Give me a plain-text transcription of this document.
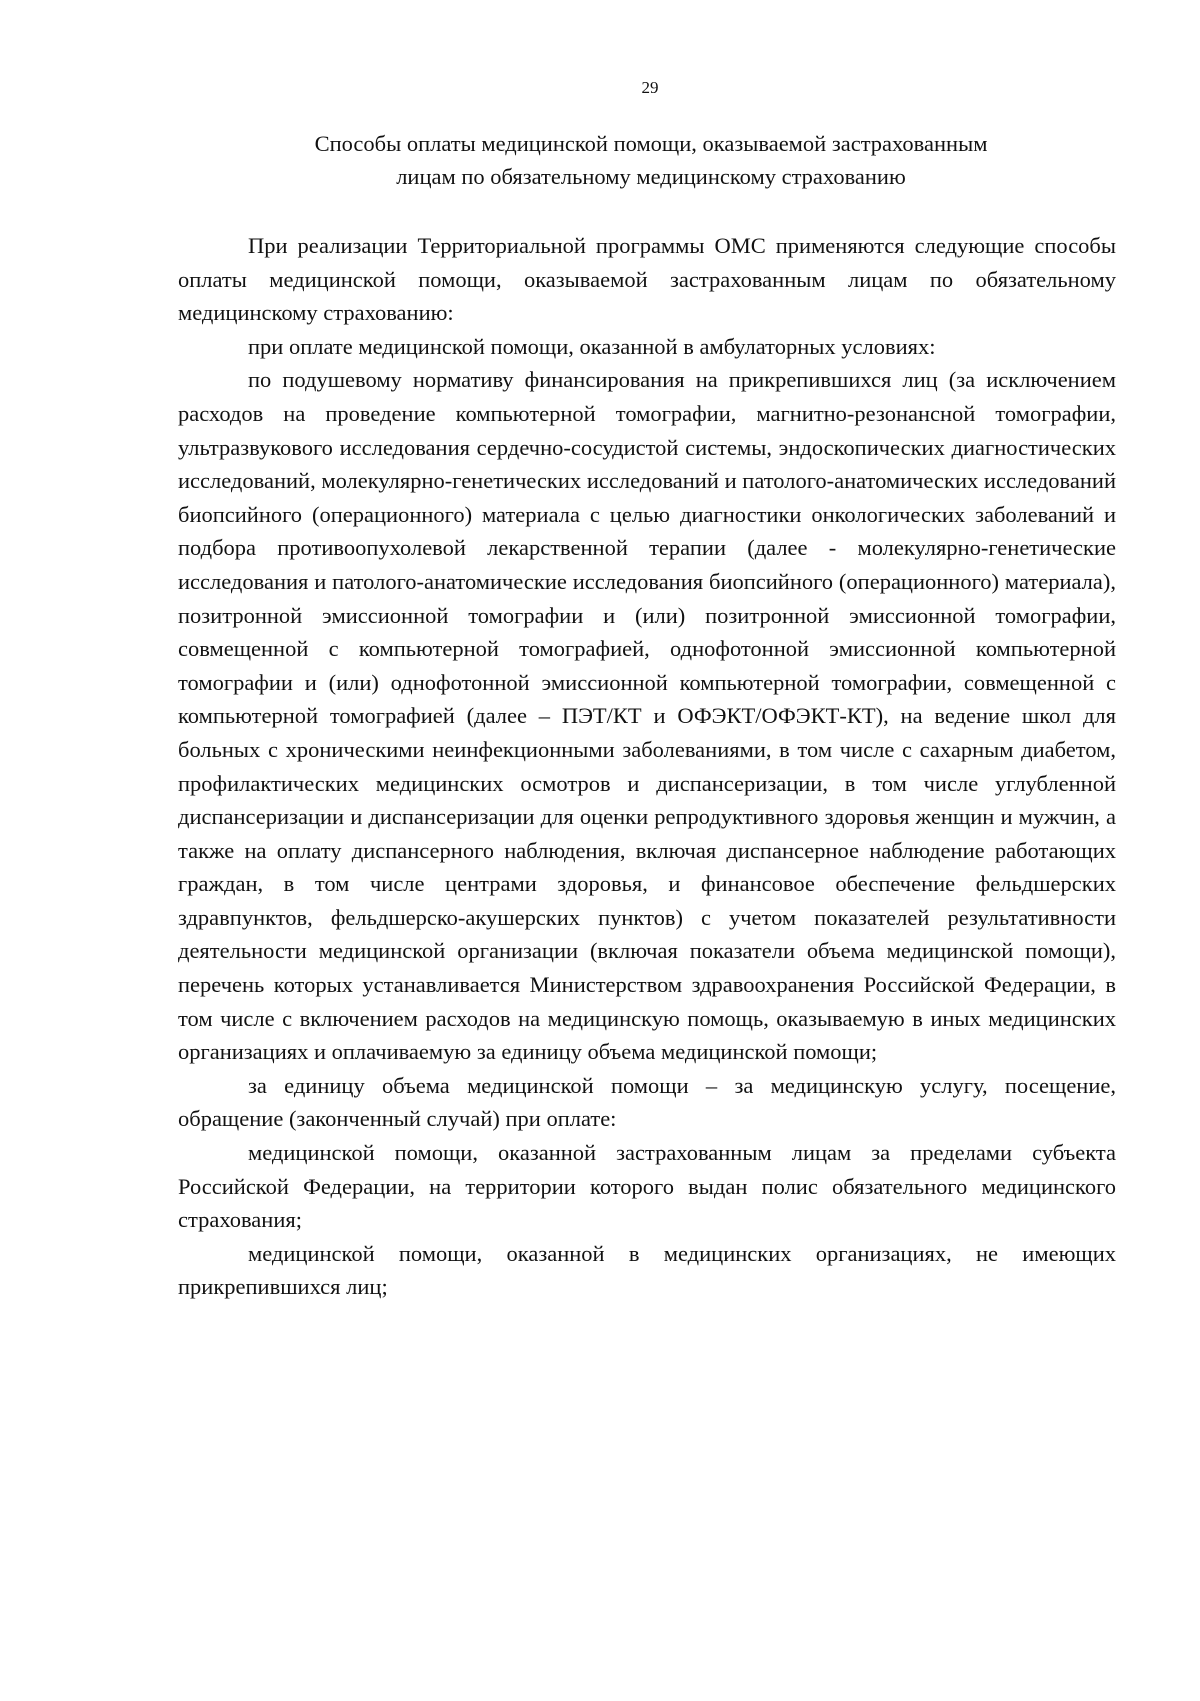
29
Способы оплаты медицинской помощи, оказываемой застрахованным
лицам по обязательному медицинскому страхованию

При реализации Территориальной программы ОМС применяются следующие способы оплаты медицинской помощи, оказываемой застрахованным лицам по обязательному медицинскому страхованию:

при оплате медицинской помощи, оказанной в амбулаторных условиях:

по подушевому нормативу финансирования на прикрепившихся лиц (за исключением расходов на проведение компьютерной томографии, магнитно-резонансной томографии, ультразвукового исследования сердечно-сосудистой системы, эндоскопических диагностических исследований, молекулярно-генетических исследований и патолого-анатомических исследований биопсийного (операционного) материала с целью диагностики онкологических заболеваний и подбора противоопухолевой лекарственной терапии (далее - молекулярно-генетические исследования и патолого-анатомические исследования биопсийного (операционного) материала), позитронной эмиссионной томографии и (или) позитронной эмиссионной томографии, совмещенной с компьютерной томографией, однофотонной эмиссионной компьютерной томографии и (или) однофотонной эмиссионной компьютерной томографии, совмещенной с компьютерной томографией (далее – ПЭТ/КТ и ОФЭКТ/ОФЭКТ-КТ), на ведение школ для больных с хроническими неинфекционными заболеваниями, в том числе с сахарным диабетом, профилактических медицинских осмотров и диспансеризации, в том числе углубленной диспансеризации и диспансеризации для оценки репродуктивного здоровья женщин и мужчин, а также на оплату диспансерного наблюдения, включая диспансерное наблюдение работающих граждан, в том числе центрами здоровья, и финансовое обеспечение фельдшерских здравпунктов, фельдшерско-акушерских пунктов) с учетом показателей результативности деятельности медицинской организации (включая показатели объема медицинской помощи), перечень которых устанавливается Министерством здравоохранения Российской Федерации, в том числе с включением расходов на медицинскую помощь, оказываемую в иных медицинских организациях и оплачиваемую за единицу объема медицинской помощи;

за единицу объема медицинской помощи – за медицинскую услугу, посещение, обращение (законченный случай) при оплате:

медицинской помощи, оказанной застрахованным лицам за пределами субъекта Российской Федерации, на территории которого выдан полис обязательного медицинского страхования;

медицинской помощи, оказанной в медицинских организациях, не имеющих прикрепившихся лиц;
